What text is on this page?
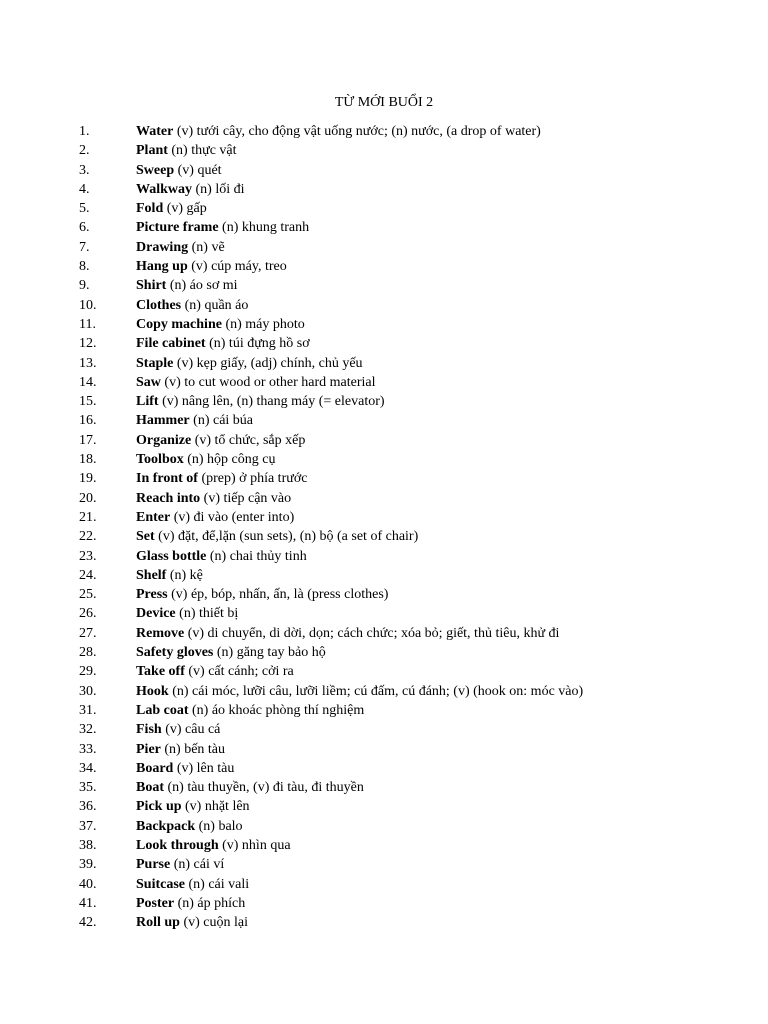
TỪ MỚI BUỔI 2
1.	Water (v) tưới cây, cho động vật uống nước; (n) nước, (a drop of water)
2.	Plant (n) thực vật
3.	Sweep (v) quét
4.	Walkway (n) lối đi
5.	Fold (v) gấp
6.	Picture frame (n) khung tranh
7.	Drawing (n) vẽ
8.	Hang up (v) cúp máy, treo
9.	Shirt (n) áo sơ mi
10.	Clothes (n) quần áo
11.	Copy machine (n) máy photo
12.	File cabinet (n) túi đựng hồ sơ
13.	Staple (v) kẹp giấy, (adj) chính, chủ yếu
14.	Saw (v) to cut wood or other hard material
15.	Lift (v) nâng lên, (n) thang máy (= elevator)
16.	Hammer (n) cái búa
17.	Organize (v) tổ chức, sắp xếp
18.	Toolbox (n) hộp công cụ
19.	In front of (prep) ở phía trước
20.	Reach into (v) tiếp cận vào
21.	Enter (v) đi vào (enter into)
22.	Set (v) đặt, để,lặn (sun sets), (n) bộ (a set of chair)
23.	Glass bottle (n) chai thủy tinh
24.	Shelf (n) kệ
25.	Press (v) ép, bóp, nhấn, ấn, là (press clothes)
26.	Device (n) thiết bị
27.	Remove (v) di chuyển, di dời, dọn; cách chức; xóa bỏ; giết, thủ tiêu, khử đi
28.	Safety gloves (n) găng tay bảo hộ
29.	Take off (v) cất cánh; cởi ra
30.	Hook (n) cái móc, lưỡi câu, lưỡi liềm; cú đấm, cú đánh; (v) (hook on: móc vào)
31.	Lab coat (n) áo khoác phòng thí nghiệm
32.	Fish (v) câu cá
33.	Pier (n) bến tàu
34.	Board (v) lên tàu
35.	Boat (n) tàu thuyền, (v) đi tàu, đi thuyền
36.	Pick up (v) nhặt lên
37.	Backpack (n) balo
38.	Look through (v) nhìn qua
39.	Purse (n) cái ví
40.	Suitcase (n) cái vali
41.	Poster (n) áp phích
42.	Roll up (v) cuộn lại
